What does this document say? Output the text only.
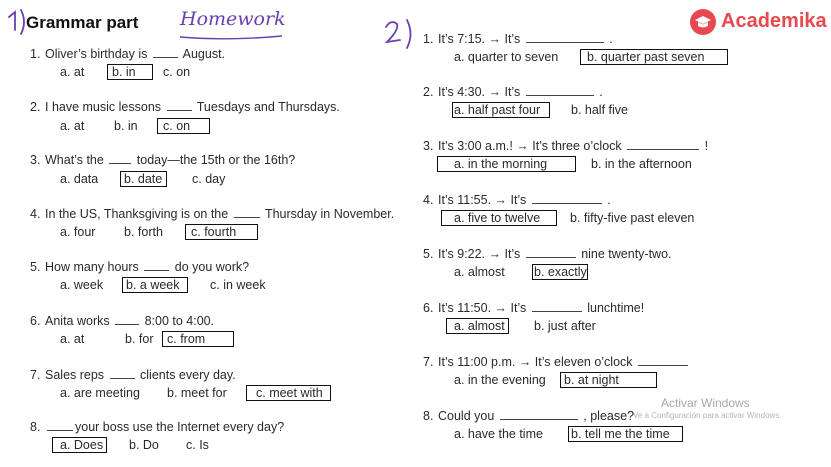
Grammar part Homework	Academika
1. Oliver’s birthday is	August.
a. at b. in c. on
2. I have music lessons	Tuesdays and Thursdays.
a. at b. in c. on
3. What’s the	today—the 15th or the 16th?
a. data b. date c. day
4. In the US, Thanksgiving is on the	Thursday in November.
a. four b. forth c. fourth
5. How many hours	do you work?
a. week b. a week c. in week
6. Anita works	8:00 to 4:00.
a. at	b. for c. from
7. Sales reps	clients every day.
a. are meeting b. meet for c. meet with
8.	your boss use the Internet every day?
a. Does b. Do c. Is
1. It’s 7:15. → It’s	.
a. quarter to seven b. quarter past seven
2. It’s 4:30. → It’s	.
a. half past four b. half five
3. It’s 3:00 a.m.! → It’s three o’clock	!
a. in the morning	b. in the afternoon
4. It’s 11:55. → It’s	.
a. five to twelve b. fifty-five past eleven
5. It’s 9:22. → It’s	nine twenty-two.
a. almost b. exactly
6. It’s 11:50. → It’s	lunchtime!
a. almost b. just after
7. It’s 11:00 p.m. → It’s eleven o’clock
a. in the evening b. at night
8. Could you	, please?
a. have the time b. tell me the time
Activar Windows
Ve a Configuración para activar Windows.
